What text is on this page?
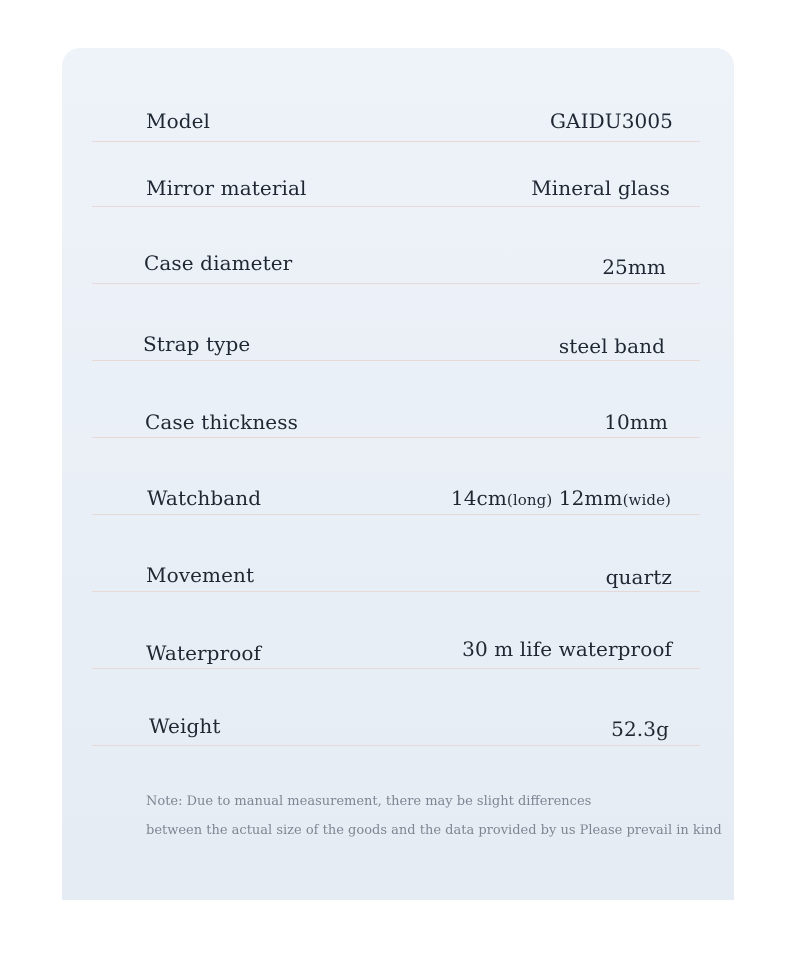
Model	GAIDU3005
Mirror material	Mineral glass
Case diameter	25mm
Strap type	steel band
Case thickness	10mm
Watchband	14cm(long) 12mm(wide)
Movement	quartz
Waterproof	30 m life waterproof
Weight	52.3g
Note: Due to manual measurement, there may be slight differences
between the actual size of the goods and the data provided by us Please prevail in kind
